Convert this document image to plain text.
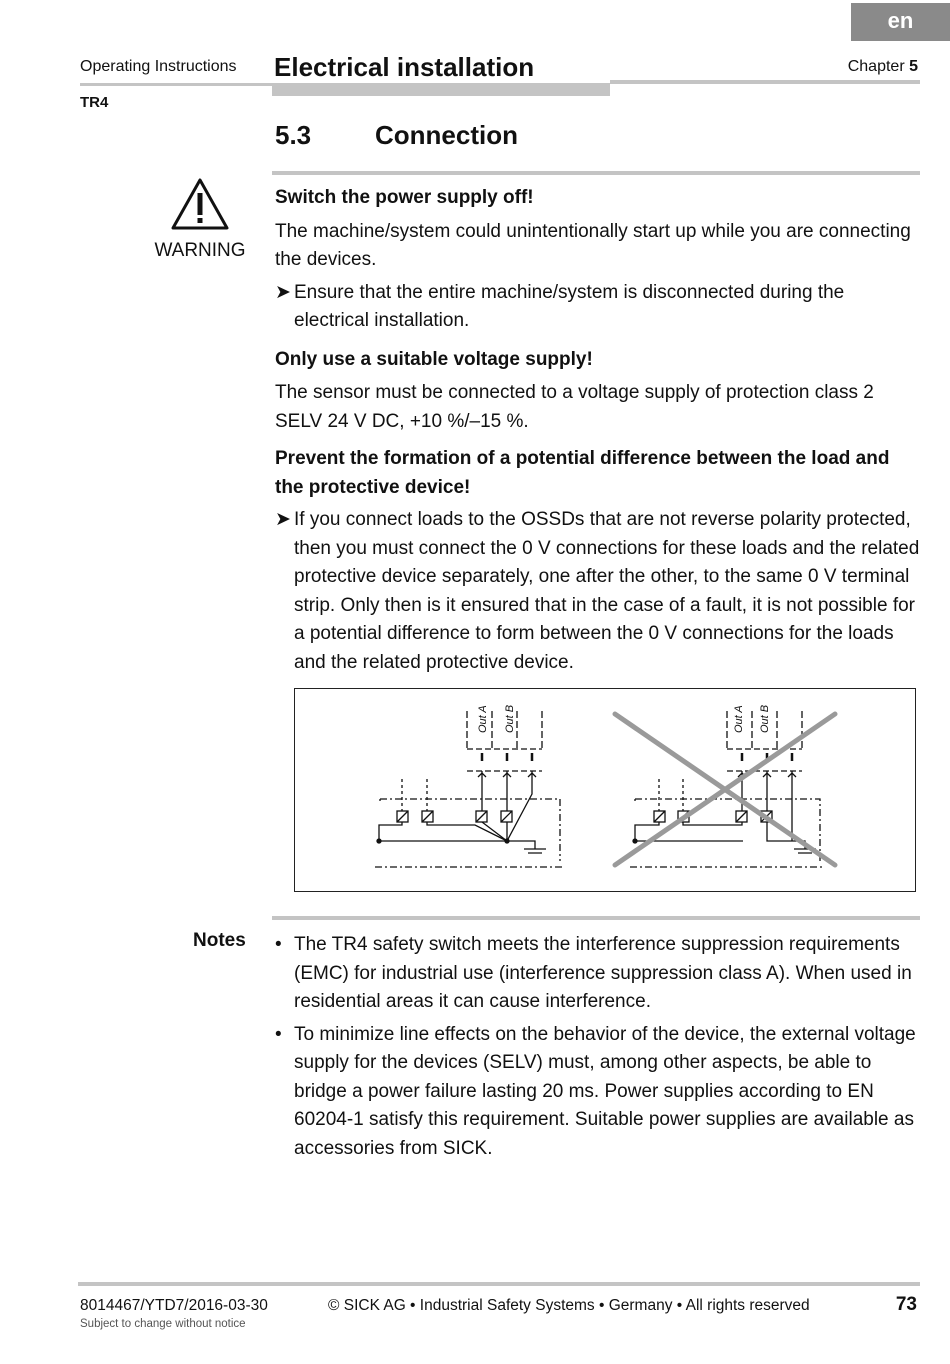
en
Operating Instructions Electrical installation	Chapter 5
TR4
5.3 Connection
WARNING

Switch the power supply off!

The machine/system could unintentionally start up while you are connecting the devices.

➤ Ensure that the entire machine/system is disconnected during the electrical installation.

Only use a suitable voltage supply!

The sensor must be connected to a voltage supply of protection class 2 SELV 24 V DC, +10 %/–15 %.

Prevent the formation of a potential difference between the load and the protective device!

➤ If you connect loads to the OSSDs that are not reverse polarity protected, then you must connect the 0 V connections for these loads and the related protective device separately, one after the other, to the same 0 V terminal strip. Only then is it ensured that in the case of a fault, it is not possible for a potential difference to form between the 0 V connections for the loads and the related protective device.
Out A Out B	Out A Out B
Notes • The TR4 safety switch meets the interference suppression requirements (EMC) for industrial use (interference suppression class A). When used in residential areas it can cause interference.
• To minimize line effects on the behavior of the device, the external voltage supply for the devices (SELV) must, among other aspects, be able to bridge a power failure lasting 20 ms. Power supplies according to EN 60204-1 satisfy this requirement. Suitable power supplies are available as accessories from SICK.
8014467/YTD7/2016-03-30	© SICK AG • Industrial Safety Systems • Germany • All rights reserved	73
Subject to change without notice
